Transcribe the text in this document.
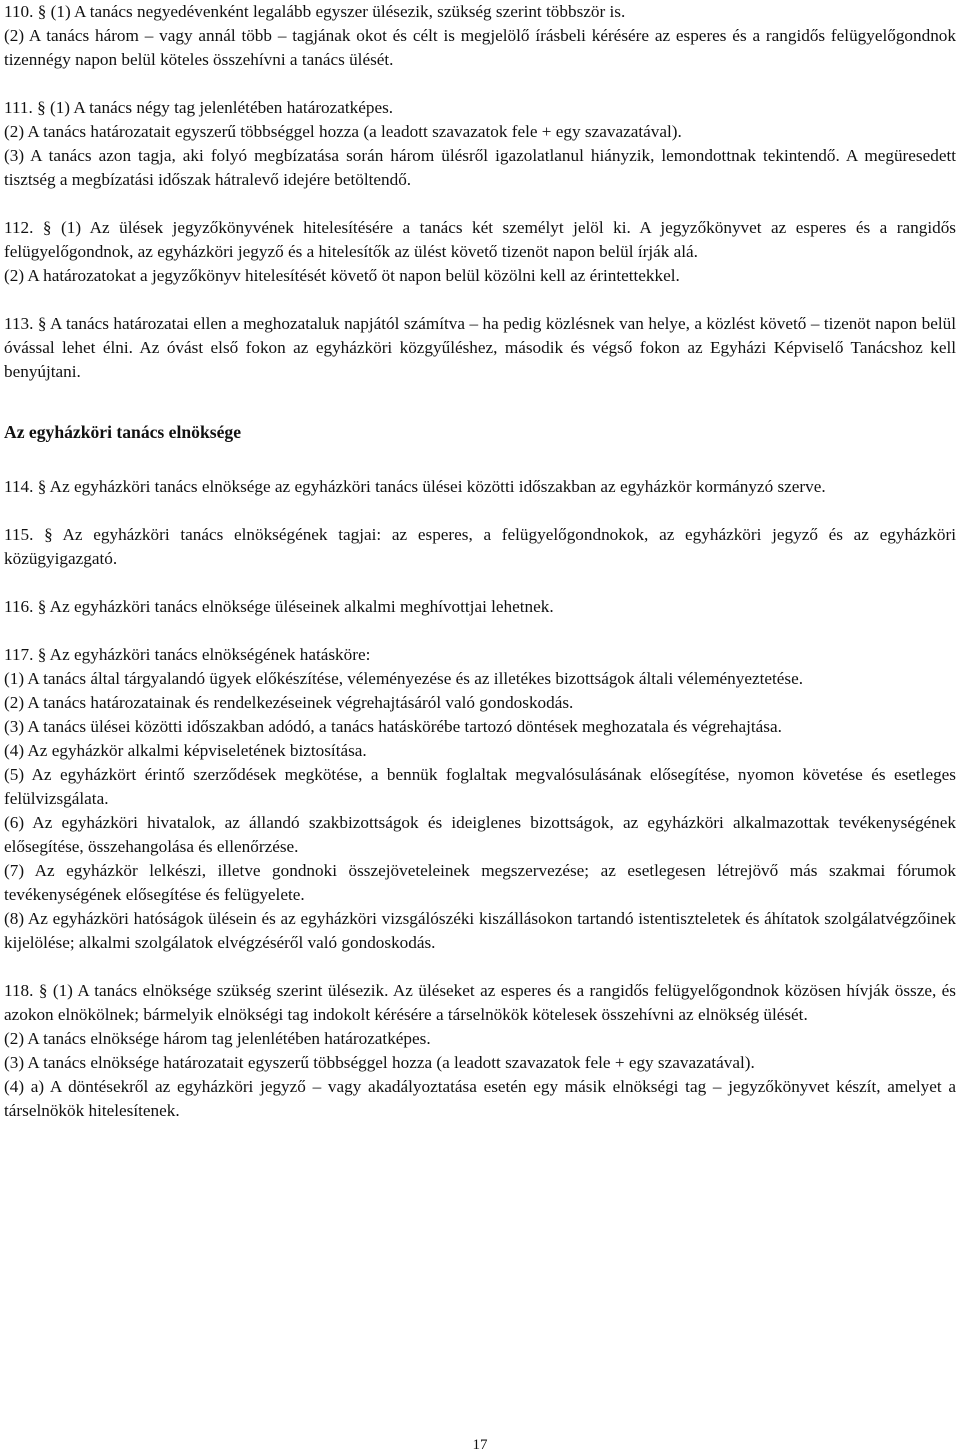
110. § (1) A tanács negyedévenként legalább egyszer ülésezik, szükség szerint többször is.

(2) A tanács három – vagy annál több – tagjának okot és célt is megjelölő írásbeli kérésére az esperes és a rangidős felügyelőgondnok tizennégy napon belül köteles összehívni a tanács ülését.

111. § (1) A tanács négy tag jelenlétében határozatképes.

(2) A tanács határozatait egyszerű többséggel hozza (a leadott szavazatok fele + egy szavazatával).

(3) A tanács azon tagja, aki folyó megbízatása során három ülésről igazolatlanul hiányzik, lemondottnak tekintendő. A megüresedett tisztség a megbízatási időszak hátralevő idejére betöltendő.

112. § (1) Az ülések jegyzőkönyvének hitelesítésére a tanács két személyt jelöl ki. A jegyzőkönyvet az esperes és a rangidős felügyelőgondnok, az egyházköri jegyző és a hitelesítők az ülést követő tizenöt napon belül írják alá.

(2) A határozatokat a jegyzőkönyv hitelesítését követő öt napon belül közölni kell az érintettekkel.

113. § A tanács határozatai ellen a meghozataluk napjától számítva – ha pedig közlésnek van helye, a közlést követő – tizenöt napon belül óvással lehet élni. Az óvást első fokon az egyházköri közgyűléshez, második és végső fokon az Egyházi Képviselő Tanácshoz kell benyújtani.

Az egyházköri tanács elnöksége

114. § Az egyházköri tanács elnöksége az egyházköri tanács ülései közötti időszakban az egyházkör kormányzó szerve.

115. § Az egyházköri tanács elnökségének tagjai: az esperes, a felügyelőgondnokok, az egyházköri jegyző és az egyházköri közügyigazgató.

116. § Az egyházköri tanács elnöksége üléseinek alkalmi meghívottjai lehetnek.

117. § Az egyházköri tanács elnökségének hatásköre:

(1) A tanács által tárgyalandó ügyek előkészítése, véleményezése és az illetékes bizottságok általi véleményeztetése.

(2) A tanács határozatainak és rendelkezéseinek végrehajtásáról való gondoskodás.

(3) A tanács ülései közötti időszakban adódó, a tanács hatáskörébe tartozó döntések meghozatala és végrehajtása.

(4) Az egyházkör alkalmi képviseletének biztosítása.

(5) Az egyházkört érintő szerződések megkötése, a bennük foglaltak megvalósulásának elősegítése, nyomon követése és esetleges felülvizsgálata.

(6) Az egyházköri hivatalok, az állandó szakbizottságok és ideiglenes bizottságok, az egyházköri alkalmazottak tevékenységének elősegítése, összehangolása és ellenőrzése.

(7) Az egyházkör lelkészi, illetve gondnoki összejöveteleinek megszervezése; az esetlegesen létrejövő más szakmai fórumok tevékenységének elősegítése és felügyelete.

(8) Az egyházköri hatóságok ülésein és az egyházköri vizsgálószéki kiszállásokon tartandó istentiszteletek és áhítatok szolgálatvégzőinek kijelölése; alkalmi szolgálatok elvégzéséről való gondoskodás.

118. § (1) A tanács elnöksége szükség szerint ülésezik. Az üléseket az esperes és a rangidős felügyelőgondnok közösen hívják össze, és azokon elnökölnek; bármelyik elnökségi tag indokolt kérésére a társelnökök kötelesek összehívni az elnökség ülését.

(2) A tanács elnöksége három tag jelenlétében határozatképes.

(3) A tanács elnöksége határozatait egyszerű többséggel hozza (a leadott szavazatok fele + egy szavazatával).

(4) a) A döntésekről az egyházköri jegyző – vagy akadályoztatása esetén egy másik elnökségi tag – jegyzőkönyvet készít, amelyet a társelnökök hitelesítenek.

17
